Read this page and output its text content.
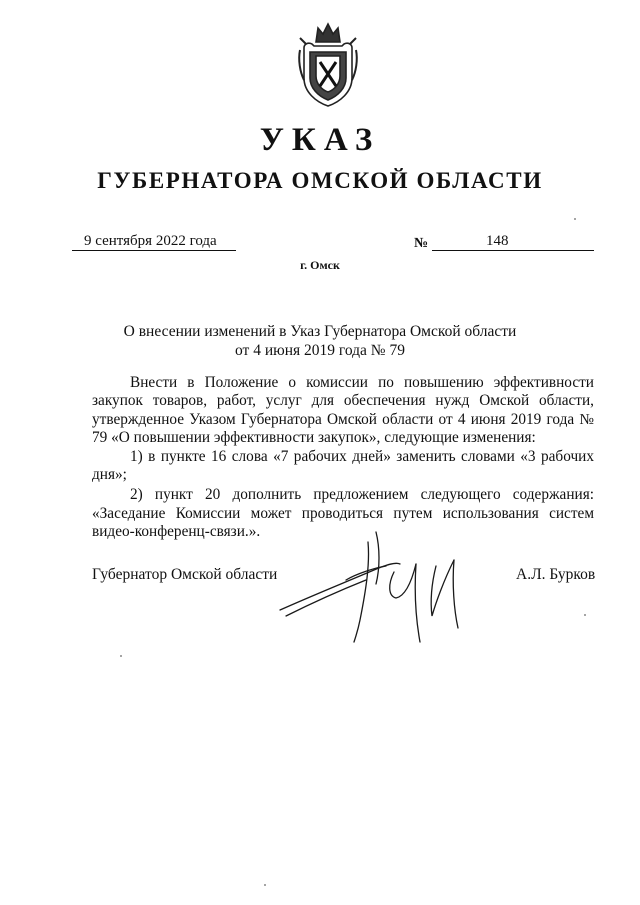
УКАЗ
ГУБЕРНАТОРА ОМСКОЙ ОБЛАСТИ
9 сентября 2022 года	№	148
г. Омск
О внесении изменений в Указ Губернатора Омской области
от 4 июня 2019 года № 79

Внести в Положение о комиссии по повышению эффективности закупок товаров, работ, услуг для обеспечения нужд Омской области, утвержденное Указом Губернатора Омской области от 4 июня 2019 года № 79 «О повышении эффективности закупок», следующие изменения:

1) в пункте 16 слова «7 рабочих дней» заменить словами «3 рабочих дня»;

2) пункт 20 дополнить предложением следующего содержания: «Заседание Комиссии может проводиться путем использования систем видео-конференц-связи.».

Губернатор Омской области	А.Л. Бурков
